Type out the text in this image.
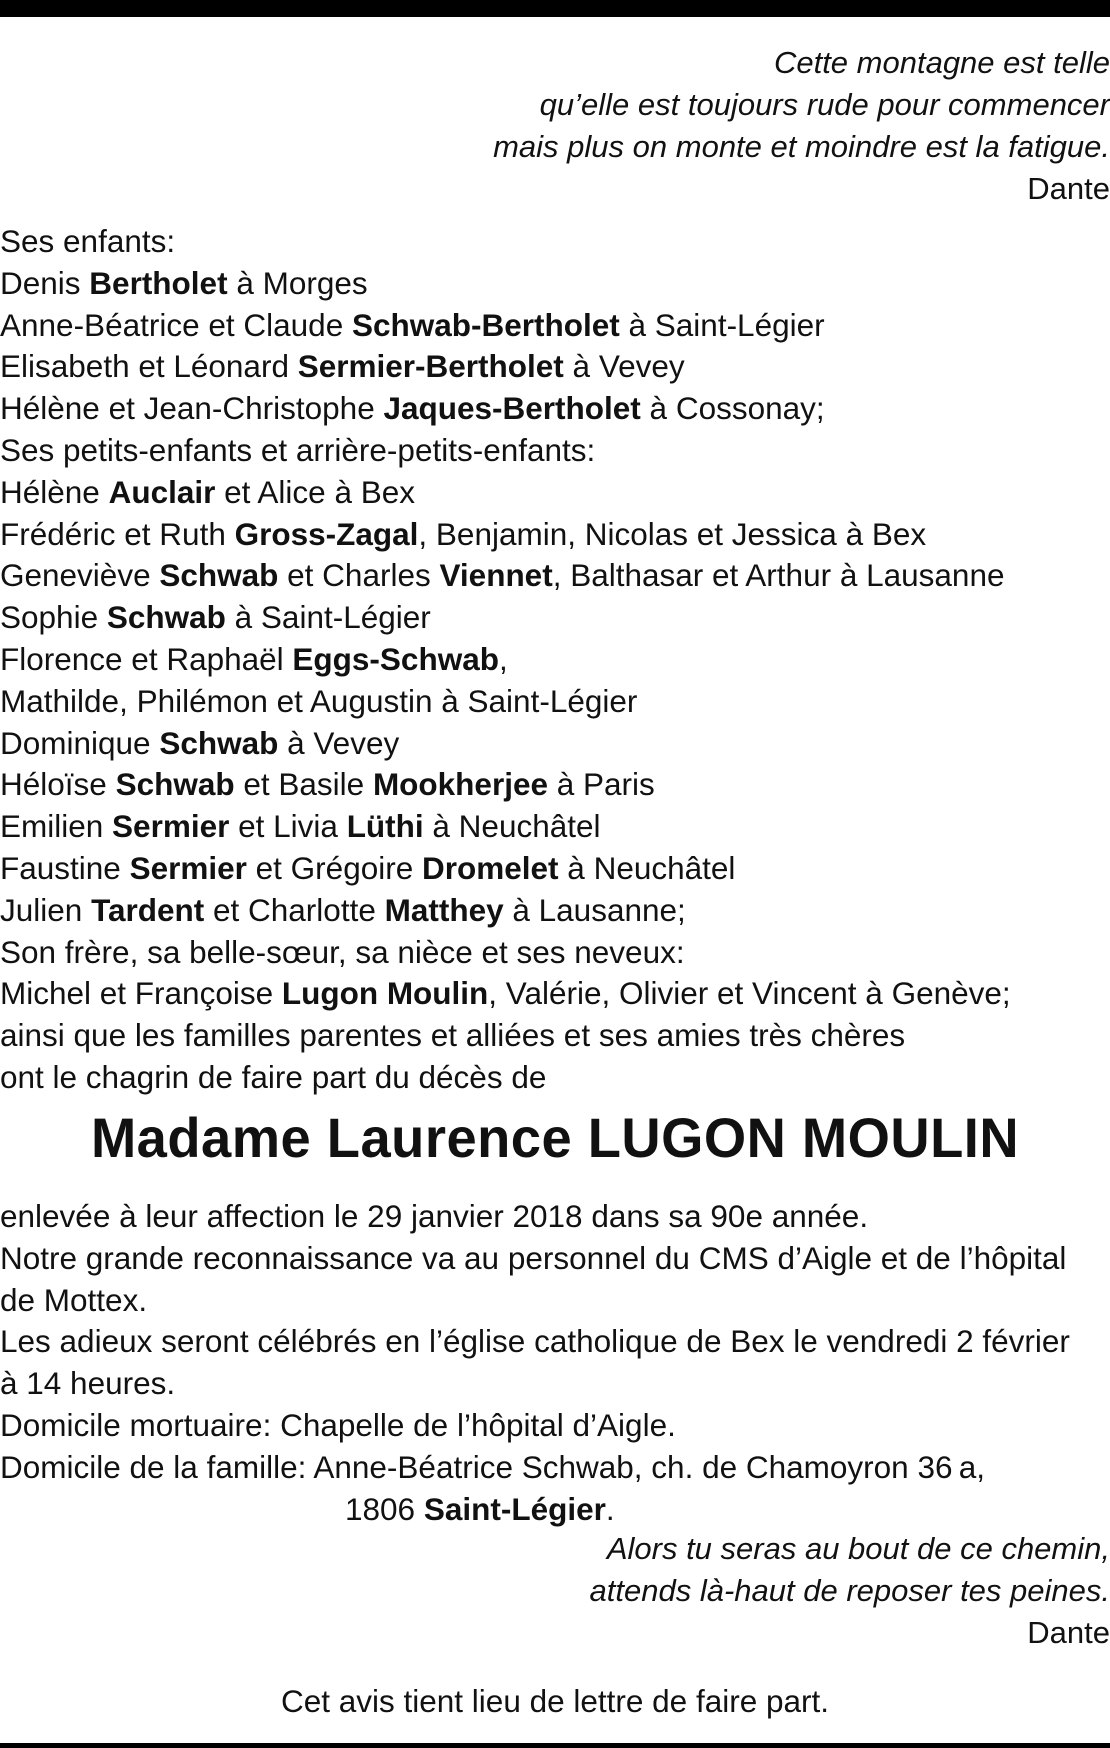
Cette montagne est telle
qu’elle est toujours rude pour commencer
mais plus on monte et moindre est la fatigue.
Dante
Ses enfants:
Denis Bertholet à Morges
Anne-Béatrice et Claude Schwab-Bertholet à Saint-Légier
Elisabeth et Léonard Sermier-Bertholet à Vevey
Hélène et Jean-Christophe Jaques-Bertholet à Cossonay;
Ses petits-enfants et arrière-petits-enfants:
Hélène Auclair et Alice à Bex
Frédéric et Ruth Gross-Zagal, Benjamin, Nicolas et Jessica à Bex
Geneviève Schwab et Charles Viennet, Balthasar et Arthur à Lausanne
Sophie Schwab à Saint-Légier
Florence et Raphaël Eggs-Schwab,
Mathilde, Philémon et Augustin à Saint-Légier
Dominique Schwab à Vevey
Héloïse Schwab et Basile Mookherjee à Paris
Emilien Sermier et Livia Lüthi à Neuchâtel
Faustine Sermier et Grégoire Dromelet à Neuchâtel
Julien Tardent et Charlotte Matthey à Lausanne;
Son frère, sa belle-sœur, sa nièce et ses neveux:
Michel et Françoise Lugon Moulin, Valérie, Olivier et Vincent à Genève;
ainsi que les familles parentes et alliées et ses amies très chères
ont le chagrin de faire part du décès de
Madame Laurence LUGON MOULIN
enlevée à leur affection le 29 janvier 2018 dans sa 90e année.
Notre grande reconnaissance va au personnel du CMS d’Aigle et de l’hôpital
de Mottex.
Les adieux seront célébrés en l’église catholique de Bex le vendredi 2 février
à 14 heures.
Domicile mortuaire: Chapelle de l’hôpital d’Aigle.
Domicile de la famille: Anne-Béatrice Schwab, ch. de Chamoyron 36 a,
1806 Saint-Légier.
Alors tu seras au bout de ce chemin,
attends là-haut de reposer tes peines.
Dante
Cet avis tient lieu de lettre de faire part.
